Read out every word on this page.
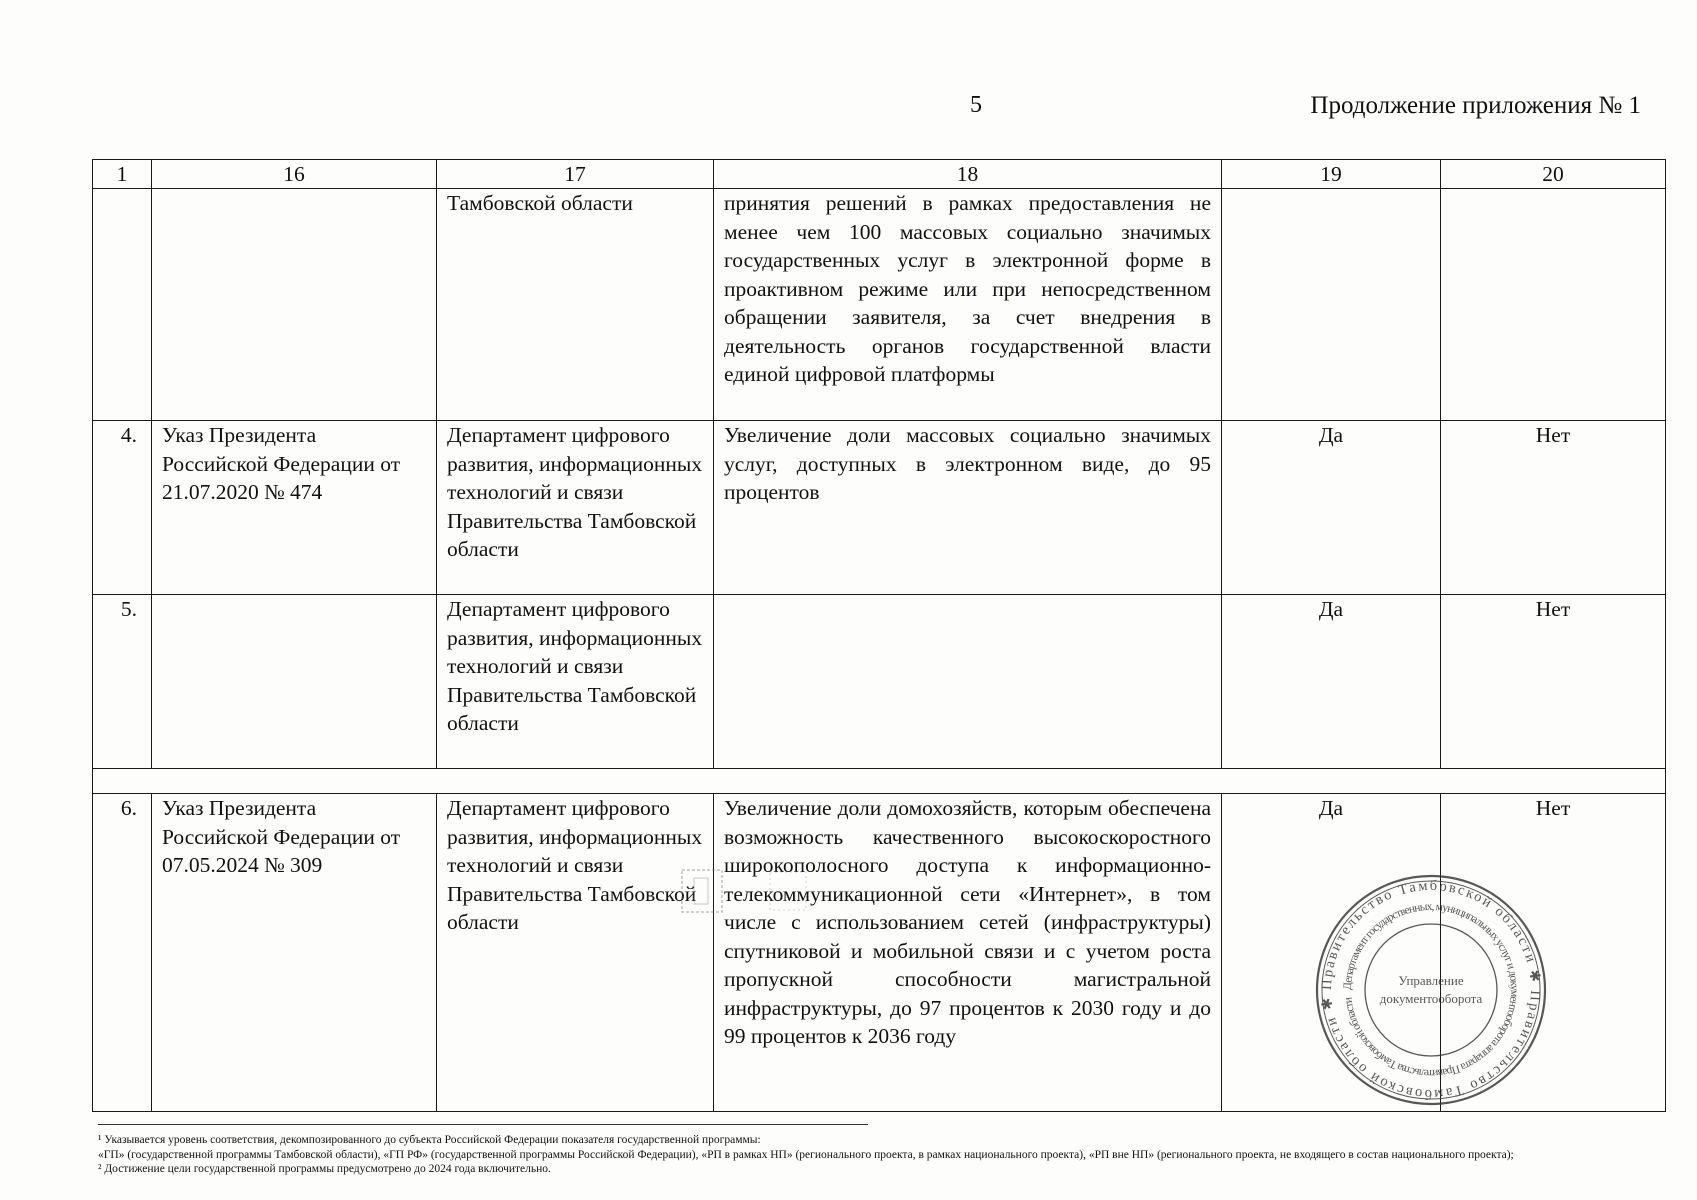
5	Продолжение приложения № 1
1	16	17	18	19	20
		Тамбовской области	принятия решений в рамках предоставления не менее чем 100 массовых социально значимых государственных услуг в электронной форме в проактивном режиме или при непосредственном обращении заявителя, за счет внедрения в деятельность органов государственной власти единой цифровой платформы		
4.	Указ Президента Российской Федерации от 21.07.2020 № 474	Департамент цифрового развития, информационных технологий и связи Правительства Тамбовской области	Увеличение доли массовых социально значимых услуг, доступных в электронном виде, до 95 процентов	Да	Нет
5.		Департамент цифрового развития, информационных технологий и связи Правительства Тамбовской области		Да	Нет

6.	Указ Президента Российской Федерации от 07.05.2024 № 309	Департамент цифрового развития, информационных технологий и связи Правительства Тамбовской области	Увеличение доли домохозяйств, которым обеспечена возможность качественного высокоскоростного широкополосного доступа к информационно-телекоммуникационной сети «Интернет», в том числе с использованием сетей (инфраструктуры) спутниковой и мобильной связи и с учетом роста пропускной способности магистральной инфраструктуры, до 97 процентов к 2030 году и до 99 процентов к 2036 году	Да	Нет
Правительство Тамбовской области ✱ Правительство Тамбовской области ✱
Департамент государственных, муниципальных услуг и документооборота аппарата Правительства Тамбовской области
Управление
документооборота

¹ Указывается уровень соответствия, декомпозированного до субъекта Российской Федерации показателя государственной программы:

«ГП» (государственной программы Тамбовской области), «ГП РФ» (государственной программы Российской Федерации), «РП в рамках НП» (регионального проекта, в рамках национального проекта), «РП вне НП» (регионального проекта, не входящего в состав национального проекта);

² Достижение цели государственной программы предусмотрено до 2024 года включительно.
